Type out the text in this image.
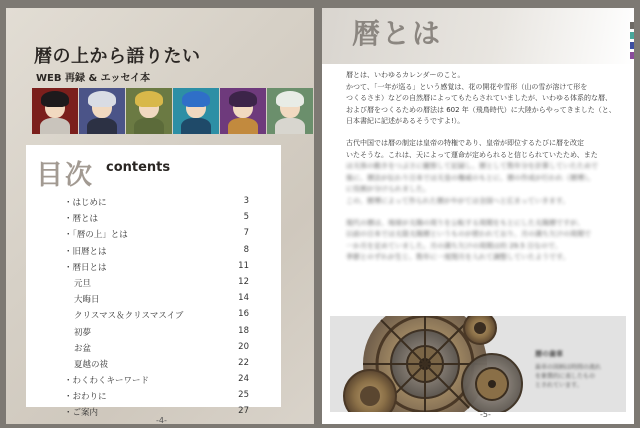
暦の上から語りたい
WEB 再録 & エッセイ本
目次 contents
・はじめに	3
・暦とは	5
・「暦の上」とは	7
・旧暦とは	8
・暦日とは	11
元旦	12
大晦日	14
クリスマス＆クリスマスイブ	16
初夢	18
お盆	20
夏越の祓	22
・わくわくキーワード	24
・おわりに	25
・ご案内	27
-4-
暦とは

暦とは、いわゆるカレンダーのこと。
かつて、「一年が巡る」という感覚は、花の開花や雪形（山の雪が溶けて形を
つくるさま）などの自然暦によってもたらされていましたが、いわゆる体系的な暦、
および暦をつくるための暦法は 602 年（飛鳥時代）に大陸からやってきました（と、
日本書紀に記述があるそうですよ!）。

古代中国では暦の制定は皇帝の特権であり、皇帝が即位するたびに暦を改定
いたそうな。これは、天によって運命が定められると信じられていたため、また
は天体の動きをつぶさに観察して記録し、暦として数年分を計算していたためで
後に、暦法が伝わり日本では天皇の権威のもとに、暦の作成が行われ（暦博）。
に役割が分けられました。
この、暦博によって作られた暦がやがては全国へと広まっていきます。

現代の暦は、地球が太陽の周りを公転する周期をもとにした太陽暦ですが、
以前の日本では太陰太陽暦というものが使われており、月の満ち欠けの周期で
一か月を定めていました。月の満ち欠けの周期は約 29.5 日なので、
季節とのずれが生じ、数年に一度閏月を入れて調整していたようです。

暦の歯車
歯車の図柄は時間の流れ
を象徴的に表したもの
とされています。

-5-
